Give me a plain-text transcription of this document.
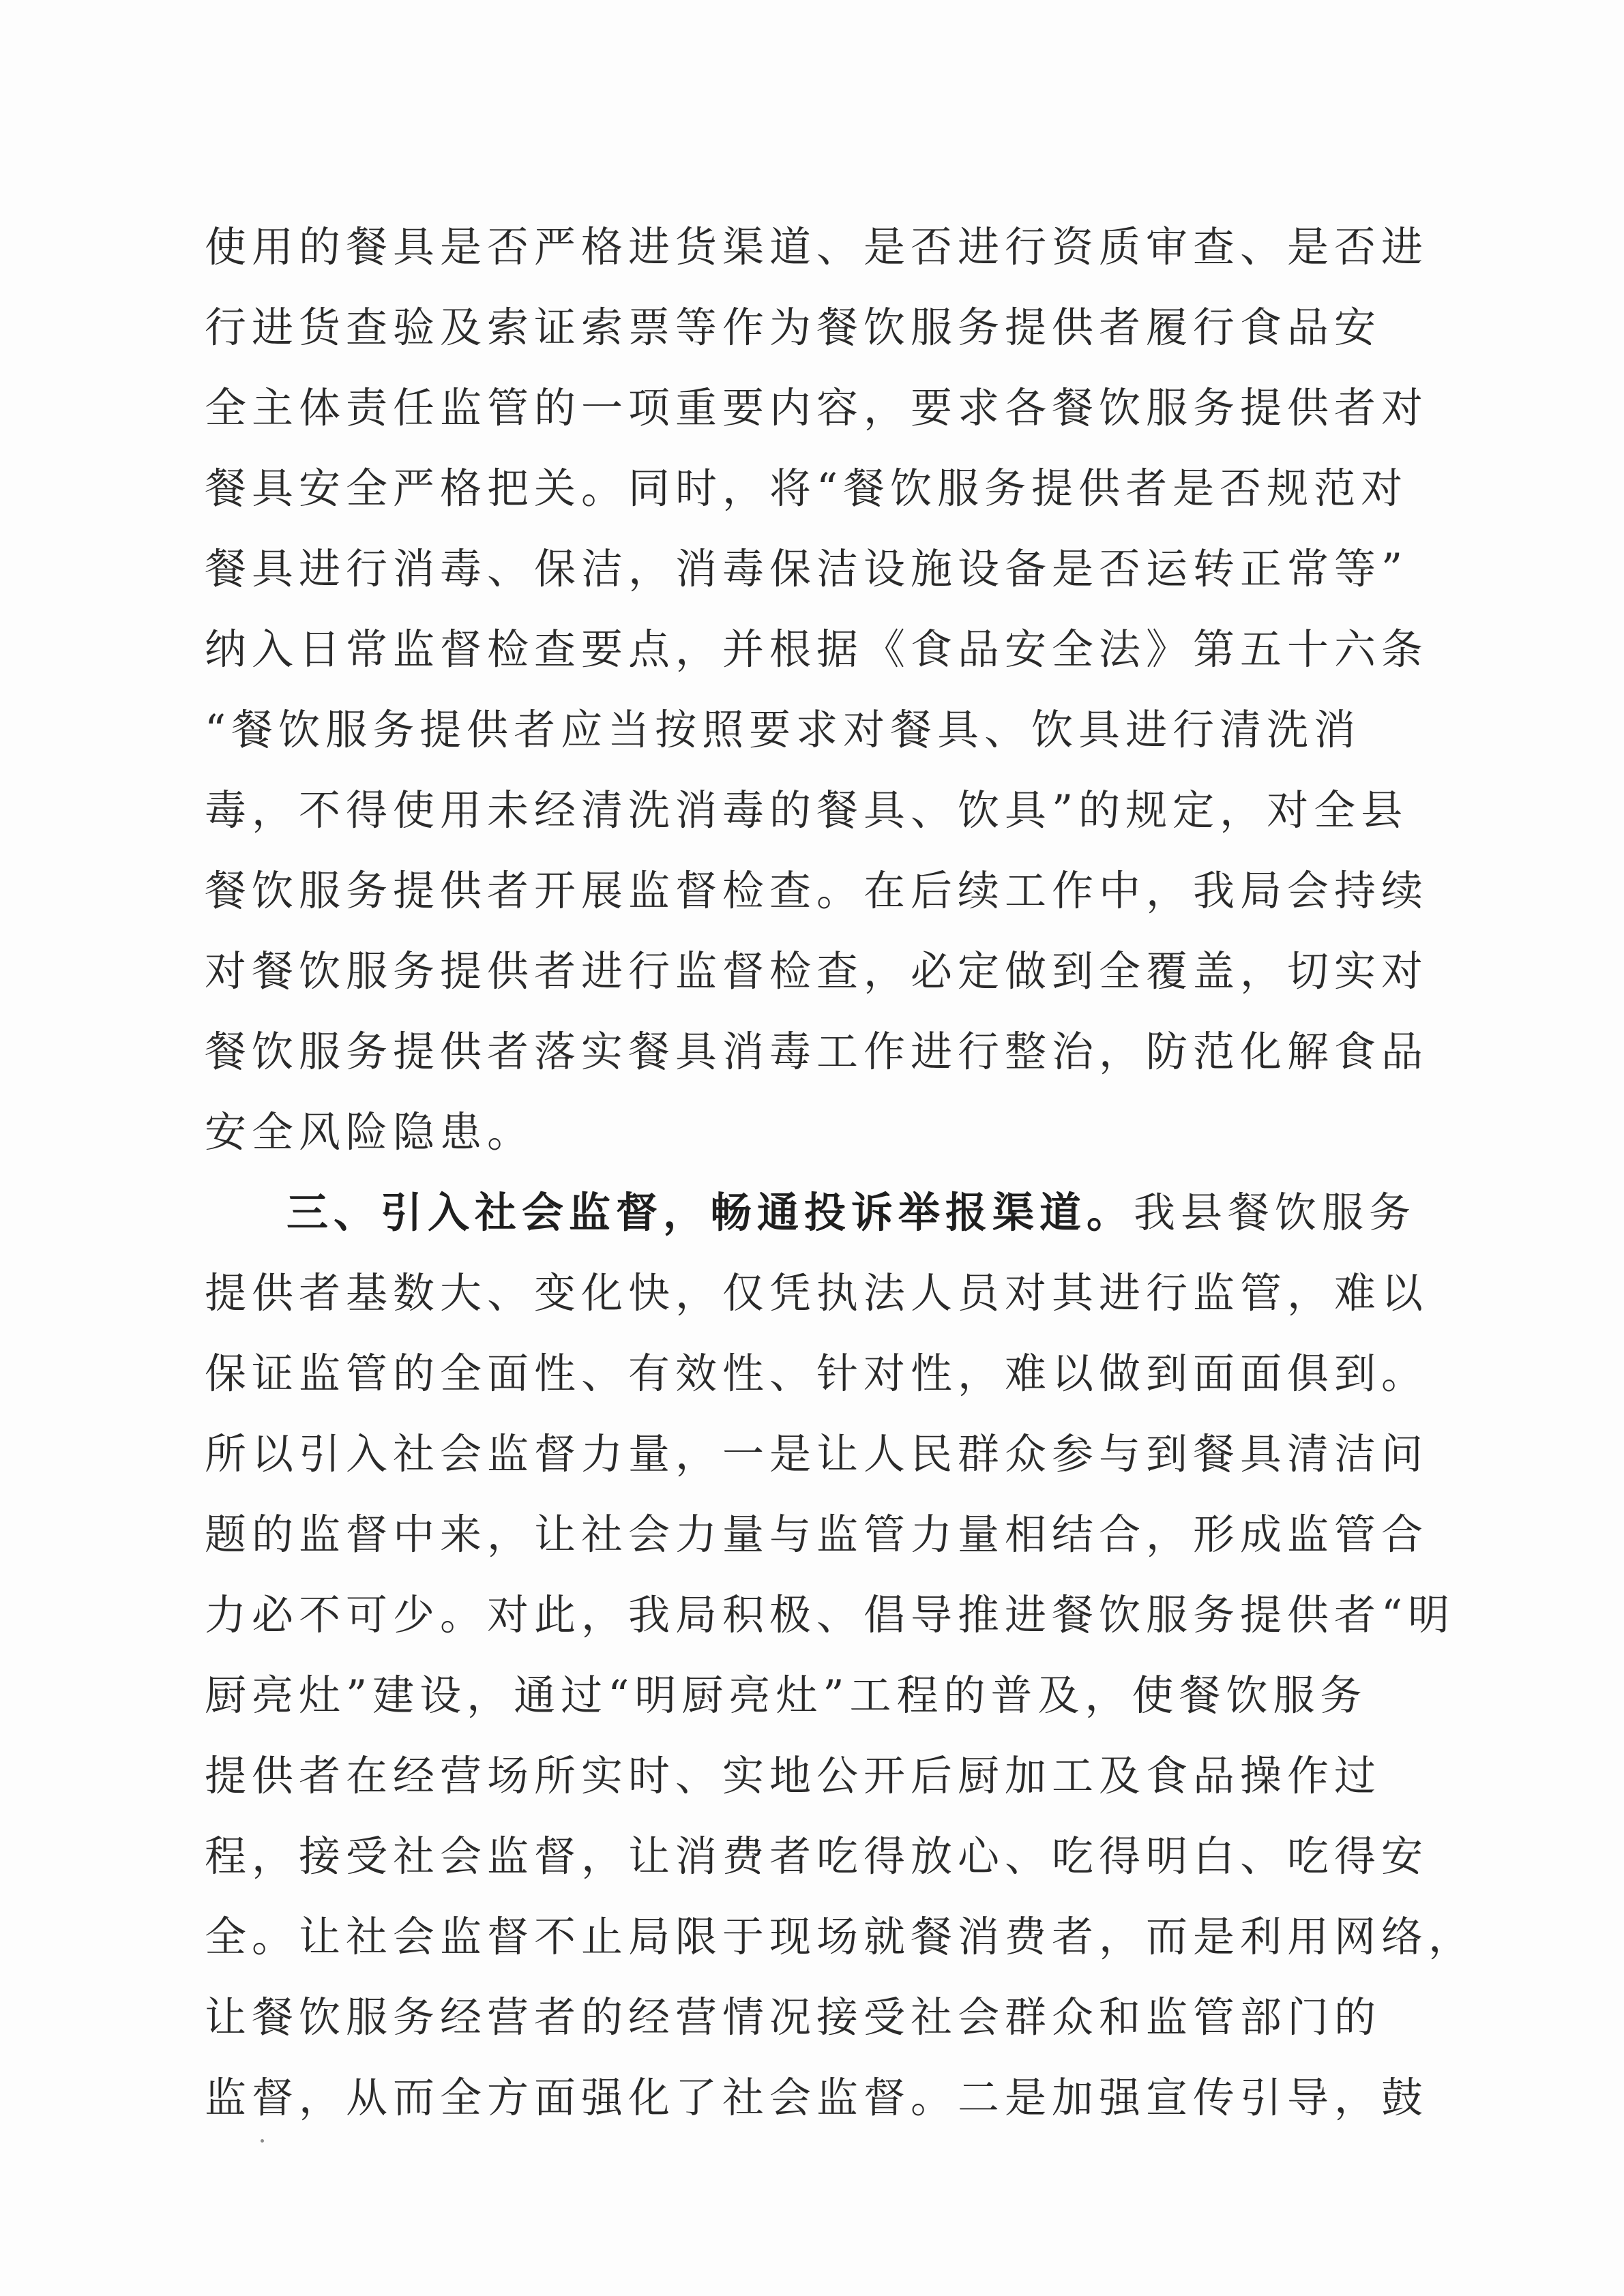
使用的餐具是否严格进货渠道、是否进行资质审查、是否进

行进货查验及索证索票等作为餐饮服务提供者履行食品安

全主体责任监管的一项重要内容，要求各餐饮服务提供者对

餐具安全严格把关。同时，将“餐饮服务提供者是否规范对

餐具进行消毒、保洁，消毒保洁设施设备是否运转正常等”

纳入日常监督检查要点，并根据《食品安全法》第五十六条

“餐饮服务提供者应当按照要求对餐具、饮具进行清洗消

毒，不得使用未经清洗消毒的餐具、饮具”的规定，对全县

餐饮服务提供者开展监督检查。在后续工作中，我局会持续

对餐饮服务提供者进行监督检查，必定做到全覆盖，切实对

餐饮服务提供者落实餐具消毒工作进行整治，防范化解食品

安全风险隐患。

三、引入社会监督，畅通投诉举报渠道。我县餐饮服务

提供者基数大、变化快，仅凭执法人员对其进行监管，难以

保证监管的全面性、有效性、针对性，难以做到面面俱到。

所以引入社会监督力量，一是让人民群众参与到餐具清洁问

题的监督中来，让社会力量与监管力量相结合，形成监管合

力必不可少。对此，我局积极、倡导推进餐饮服务提供者“明

厨亮灶”建设，通过“明厨亮灶”工程的普及，使餐饮服务

提供者在经营场所实时、实地公开后厨加工及食品操作过

程，接受社会监督，让消费者吃得放心、吃得明白、吃得安

全。让社会监督不止局限于现场就餐消费者，而是利用网络，

让餐饮服务经营者的经营情况接受社会群众和监管部门的

监督，从而全方面强化了社会监督。二是加强宣传引导，鼓
